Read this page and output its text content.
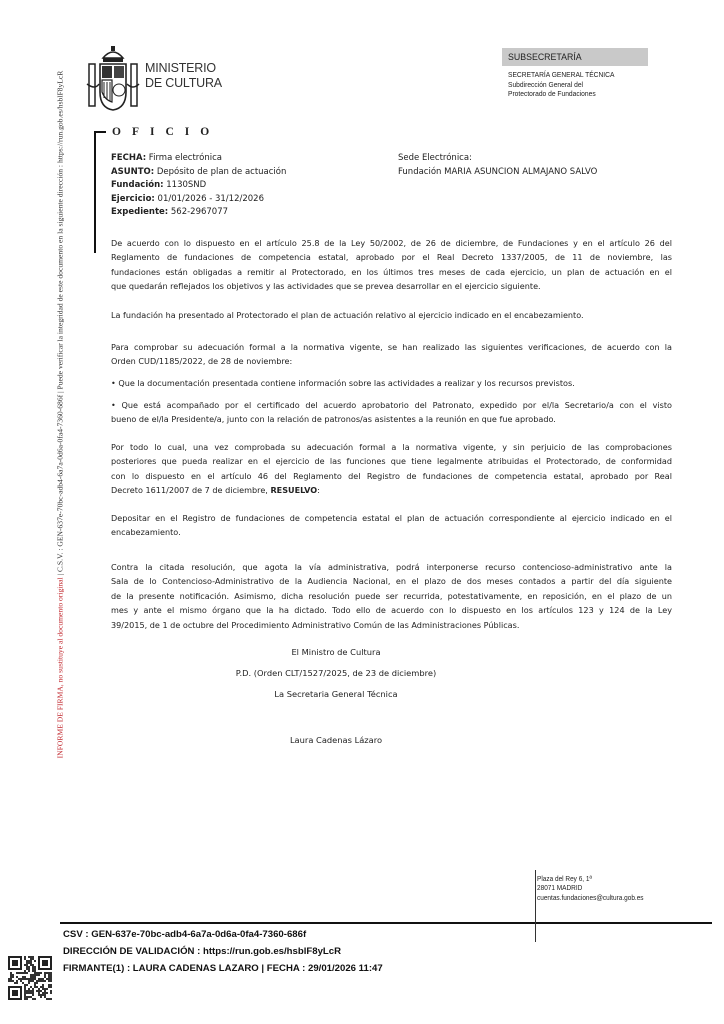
INFORME DE FIRMA, no sustituye al documento original | C.S.V. : GEN-637e-70bc-adb4-6a7a-0d6a-0fa4-7360-686f | Puede verificar la integridad de este documento en la siguiente dirección : https://run.gob.es/hsblF8yLcR
MINISTERIO
DE CULTURA
SUBSECRETARÍA
SECRETARÍA GENERAL TÉCNICA
Subdirección General del
Protectorado de Fundaciones
OFICIO
FECHA: Firma electrónica
ASUNTO: Depósito de plan de actuación
Fundación: 1130SND
Ejercicio: 01/01/2026 - 31/12/2026
Expediente: 562-2967077
Sede Electrónica:
Fundación MARIA ASUNCION ALMAJANO SALVO
De acuerdo con lo dispuesto en el artículo 25.8 de la Ley 50/2002, de 26 de diciembre, de Fundaciones y en el artículo 26 del
Reglamento de fundaciones de competencia estatal, aprobado por el Real Decreto 1337/2005, de 11 de noviembre, las
fundaciones están obligadas a remitir al Protectorado, en los últimos tres meses de cada ejercicio, un plan de actuación en el
que quedarán reflejados los objetivos y las actividades que se prevea desarrollar en el ejercicio siguiente.
La fundación ha presentado al Protectorado el plan de actuación relativo al ejercicio indicado en el encabezamiento.
Para comprobar su adecuación formal a la normativa vigente, se han realizado las siguientes verificaciones, de acuerdo con la
Orden CUD/1185/2022, de 28 de noviembre:
• Que la documentación presentada contiene información sobre las actividades a realizar y los recursos previstos.
• Que está acompañado por el certificado del acuerdo aprobatorio del Patronato, expedido por el/la Secretario/a con el visto
bueno de el/la Presidente/a, junto con la relación de patronos/as asistentes a la reunión en que fue aprobado.
Por todo lo cual, una vez comprobada su adecuación formal a la normativa vigente, y sin perjuicio de las comprobaciones
posteriores que pueda realizar en el ejercicio de las funciones que tiene legalmente atribuidas el Protectorado, de conformidad
con lo dispuesto en el artículo 46 del Reglamento del Registro de fundaciones de competencia estatal, aprobado por Real
Decreto 1611/2007 de 7 de diciembre, RESUELVO:
Depositar en el Registro de fundaciones de competencia estatal el plan de actuación correspondiente al ejercicio indicado en el
encabezamiento.
Contra la citada resolución, que agota la vía administrativa, podrá interponerse recurso contencioso-administrativo ante la
Sala de lo Contencioso-Administrativo de la Audiencia Nacional, en el plazo de dos meses contados a partir del día siguiente
de la presente notificación. Asimismo, dicha resolución puede ser recurrida, potestativamente, en reposición, en el plazo de un
mes y ante el mismo órgano que la ha dictado. Todo ello de acuerdo con lo dispuesto en los artículos 123 y 124 de la Ley
39/2015, de 1 de octubre del Procedimiento Administrativo Común de las Administraciones Públicas.
El Ministro de Cultura
P.D. (Orden CLT/1527/2025, de 23 de diciembre)
La Secretaria General Técnica
Laura Cadenas Lázaro
Plaza del Rey 6, 1ª
28071 MADRID
cuentas.fundaciones@cultura.gob.es
CSV : GEN-637e-70bc-adb4-6a7a-0d6a-0fa4-7360-686f
DIRECCIÓN DE VALIDACIÓN : https://run.gob.es/hsblF8yLcR
FIRMANTE(1) : LAURA CADENAS LAZARO | FECHA : 29/01/2026 11:47
